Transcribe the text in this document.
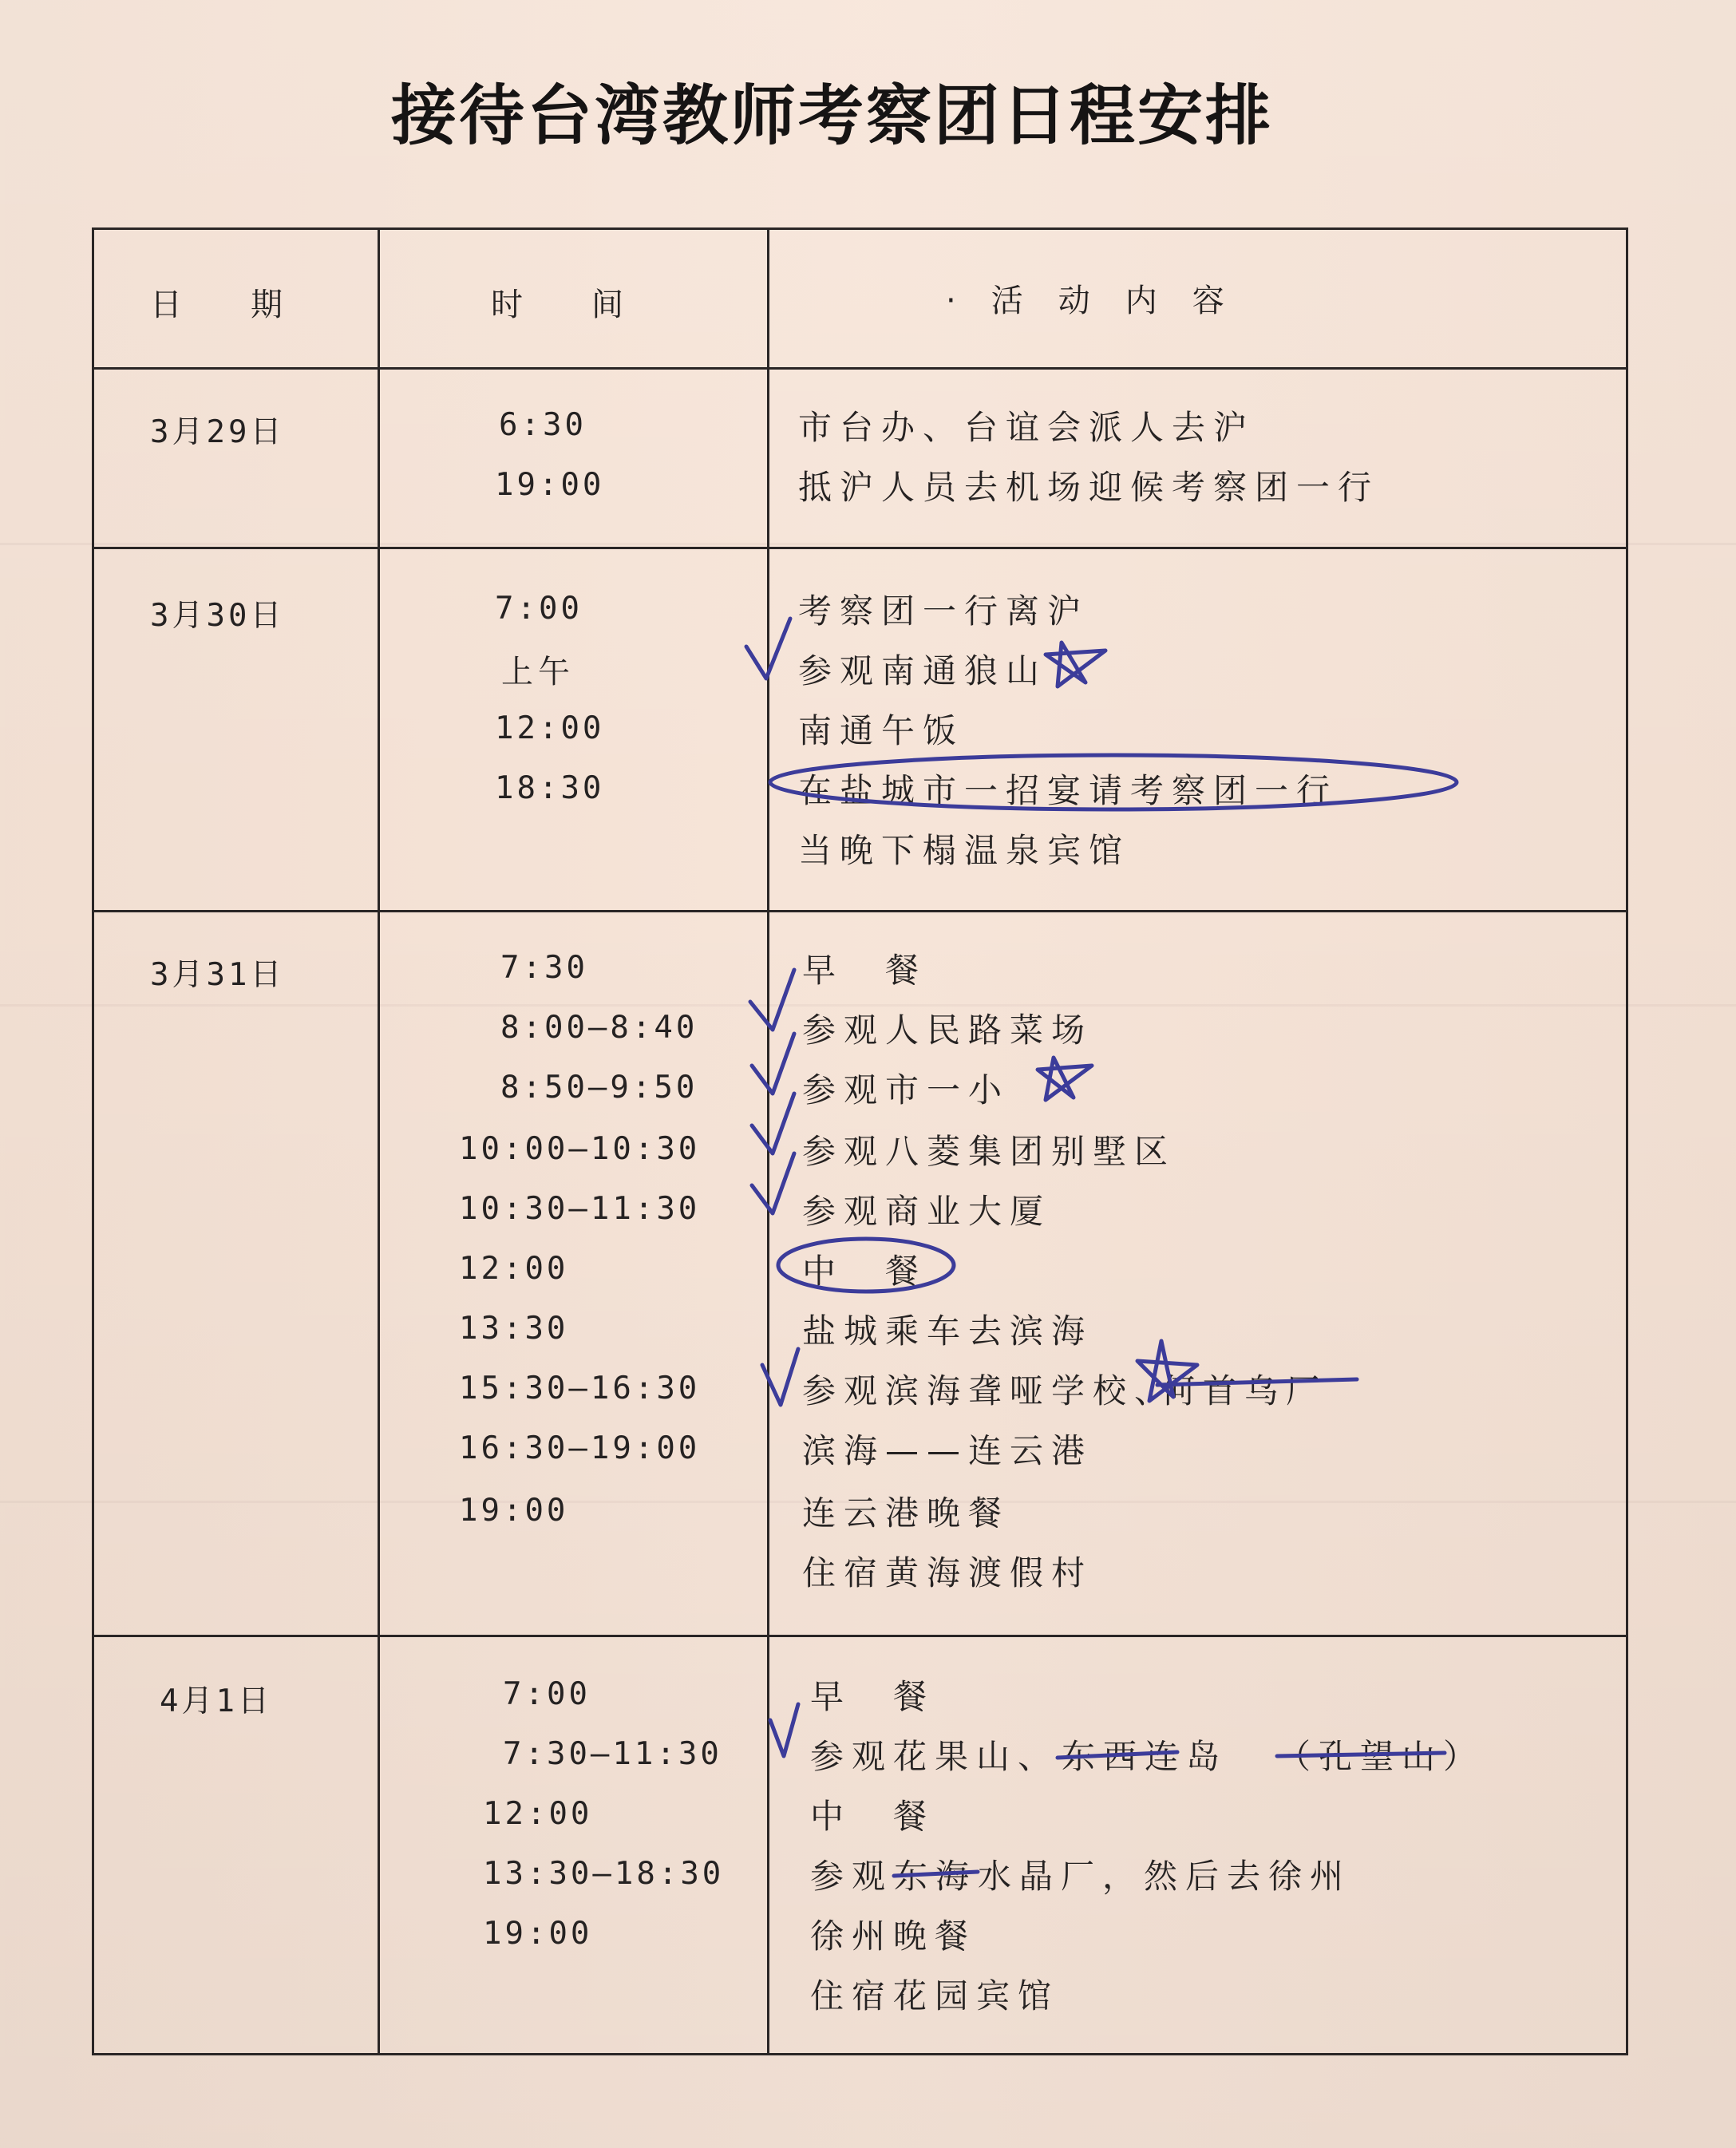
接待台湾教师考察团日程安排
日　　期	时　　间	·　活　动　内　容
3月29日	6:30	市台办、台谊会派人去沪
19:00	抵沪人员去机场迎候考察团一行
3月30日	7:00	考察团一行离沪
上午	参观南通狼山
12:00	南通午饭
18:30	在盐城市一招宴请考察团一行
当晚下榻温泉宾馆
3月31日	7:30	早　餐
8:00—8:40	参观人民路菜场
8:50—9:50	参观市一小
10:00—10:30	参观八菱集团别墅区
10:30—11:30	参观商业大厦
12:00	中　餐
13:30	盐城乘车去滨海
15:30—16:30	参观滨海聋哑学校、
何首乌厂
16:30—19:00	滨海——连云港
19:00	连云港晚餐
住宿黄海渡假村
4月1日	7:00	早　餐
7:30—11:30	参观花果山、 东西连岛 （孔望山）
12:00	中　餐
13:30—18:30	参观 东海 水晶厂，然后去徐州
19:00	徐州晚餐
住宿花园宾馆
